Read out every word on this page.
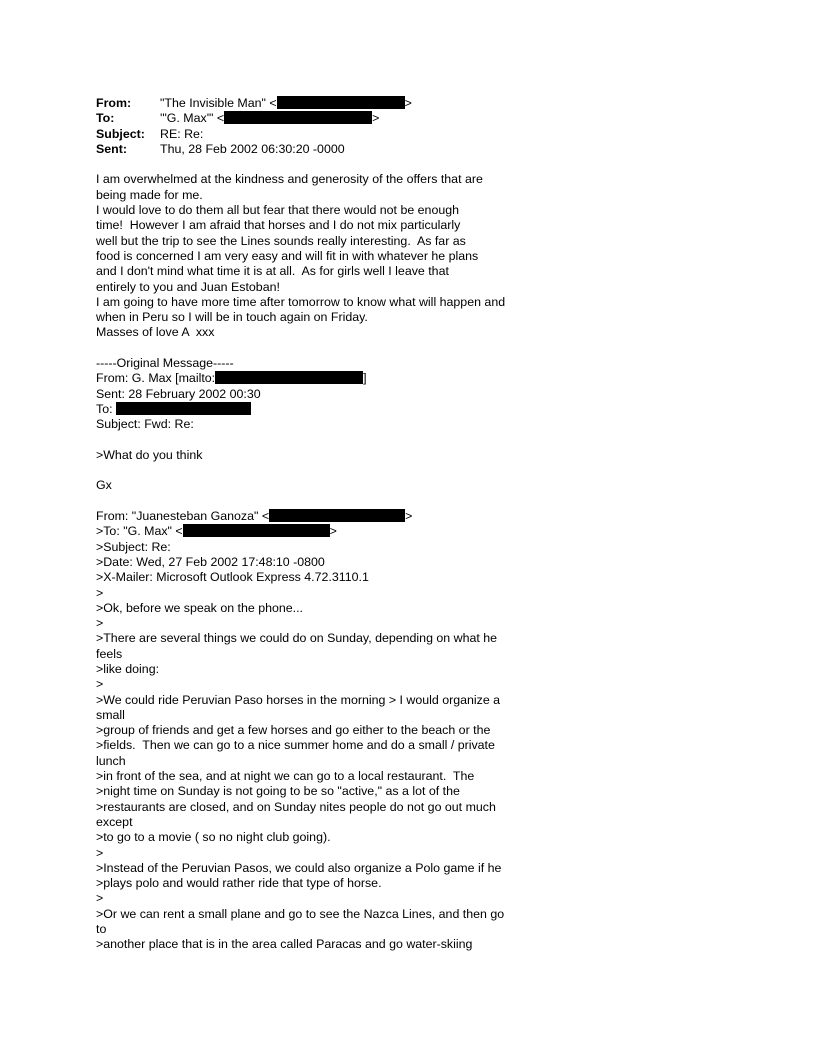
From:	"The Invisible Man" <	>
To:	'"G. Max'" <	>
Subject:	RE: Re:
Sent:	Thu, 28 Feb 2002 06:30:20 -0000
I am overwhelmed at the kindness and generosity of the offers that are
being made for me.
I would love to do them all but fear that there would not be enough
time!  However I am afraid that horses and I do not mix particularly
well but the trip to see the Lines sounds really interesting.  As far as
food is concerned I am very easy and will fit in with whatever he plans
and I don't mind what time it is at all.  As for girls well I leave that
entirely to you and Juan Estoban!
I am going to have more time after tomorrow to know what will happen and
when in Peru so I will be in touch again on Friday.
Masses of love A  xxx
-----Original Message-----
From: G. Max [mailto:	]
Sent: 28 February 2002 00:30
To:
Subject: Fwd: Re:
>What do you think
Gx
From: "Juanesteban Ganoza" <	>
>To: "G. Max" <	>
>Subject: Re:
>Date: Wed, 27 Feb 2002 17:48:10 -0800
>X-Mailer: Microsoft Outlook Express 4.72.3110.1
>
>Ok, before we speak on the phone...
>
>There are several things we could do on Sunday, depending on what he
feels
>like doing:
>
>We could ride Peruvian Paso horses in the morning > I would organize a
small
>group of friends and get a few horses and go either to the beach or the
>fields.  Then we can go to a nice summer home and do a small / private
lunch
>in front of the sea, and at night we can go to a local restaurant.  The
>night time on Sunday is not going to be so "active," as a lot of the
>restaurants are closed, and on Sunday nites people do not go out much
except
>to go to a movie ( so no night club going).
>
>Instead of the Peruvian Pasos, we could also organize a Polo game if he
>plays polo and would rather ride that type of horse.
>
>Or we can rent a small plane and go to see the Nazca Lines, and then go
to
>another place that is in the area called Paracas and go water-skiing
